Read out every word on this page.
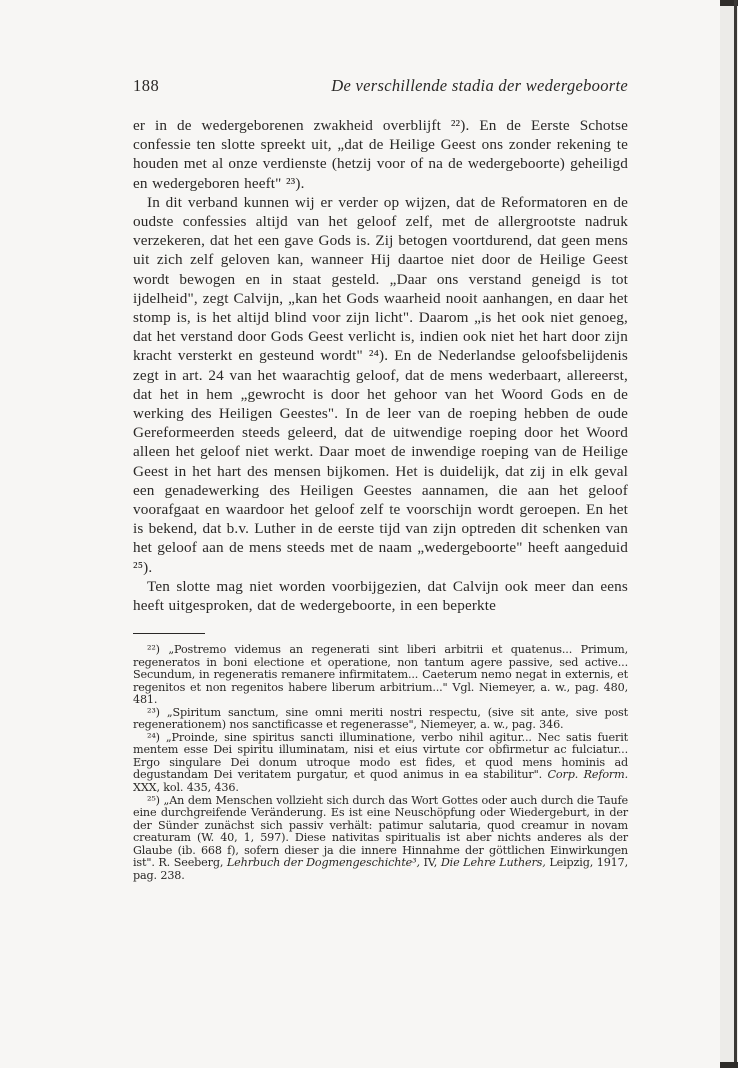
188	De verschillende stadia der wedergeboorte

er in de wedergeborenen zwakheid overblijft ²²). En de Eerste Schotse confessie ten slotte spreekt uit, „dat de Heilige Geest ons zonder rekening te houden met al onze verdienste (hetzij voor of na de wedergeboorte) geheiligd en wedergeboren heeft" ²³).

In dit verband kunnen wij er verder op wijzen, dat de Reformatoren en de oudste confessies altijd van het geloof zelf, met de allergrootste nadruk verzekeren, dat het een gave Gods is. Zij betogen voortdurend, dat geen mens uit zich zelf geloven kan, wanneer Hij daartoe niet door de Heilige Geest wordt bewogen en in staat gesteld. „Daar ons verstand geneigd is tot ijdelheid", zegt Calvijn, „kan het Gods waarheid nooit aanhangen, en daar het stomp is, is het altijd blind voor zijn licht". Daarom „is het ook niet genoeg, dat het verstand door Gods Geest verlicht is, indien ook niet het hart door zijn kracht versterkt en gesteund wordt" ²⁴). En de Nederlandse geloofsbelijdenis zegt in art. 24 van het waarachtig geloof, dat de mens wederbaart, allereerst, dat het in hem „gewrocht is door het gehoor van het Woord Gods en de werking des Heiligen Geestes". In de leer van de roeping hebben de oude Gereformeerden steeds geleerd, dat de uitwendige roeping door het Woord alleen het geloof niet werkt. Daar moet de inwendige roeping van de Heilige Geest in het hart des mensen bijkomen. Het is duidelijk, dat zij in elk geval een genadewerking des Heiligen Geestes aannamen, die aan het geloof voorafgaat en waardoor het geloof zelf te voorschijn wordt geroepen. En het is bekend, dat b.v. Luther in de eerste tijd van zijn optreden dit schenken van het geloof aan de mens steeds met de naam „wedergeboorte" heeft aangeduid ²⁵).

Ten slotte mag niet worden voorbijgezien, dat Calvijn ook meer dan eens heeft uitgesproken, dat de wedergeboorte, in een beperkte

²²) „Postremo videmus an regenerati sint liberi arbitrii et quatenus... Primum, regeneratos in boni electione et operatione, non tantum agere passive, sed active... Secundum, in regeneratis remanere infirmitatem... Caeterum nemo negat in externis, et regenitos et non regenitos habere liberum arbitrium..." Vgl. Niemeyer, a. w., pag. 480, 481.

²³) „Spiritum sanctum, sine omni meriti nostri respectu, (sive sit ante, sive post regenerationem) nos sanctificasse et regenerasse", Niemeyer, a. w., pag. 346.

²⁴) „Proinde, sine spiritus sancti illuminatione, verbo nihil agitur... Nec satis fuerit mentem esse Dei spiritu illuminatam, nisi et eius virtute cor obfirmetur ac fulciatur... Ergo singulare Dei donum utroque modo est fides, et quod mens hominis ad degustandam Dei veritatem purgatur, et quod animus in ea stabilitur". Corp. Reform. XXX, kol. 435, 436.

²⁵) „An dem Menschen vollzieht sich durch das Wort Gottes oder auch durch die Taufe eine durchgreifende Veränderung. Es ist eine Neuschöpfung oder Wiedergeburt, in der der Sünder zunächst sich passiv verhält: patimur salutaria, quod creamur in novam creaturam (W. 40, 1, 597). Diese nativitas spiritualis ist aber nichts anderes als der Glaube (ib. 668 f), sofern dieser ja die innere Hinnahme der göttlichen Einwirkungen ist". R. Seeberg, Lehrbuch der Dogmengeschichte³, IV, Die Lehre Luthers, Leipzig, 1917, pag. 238.
